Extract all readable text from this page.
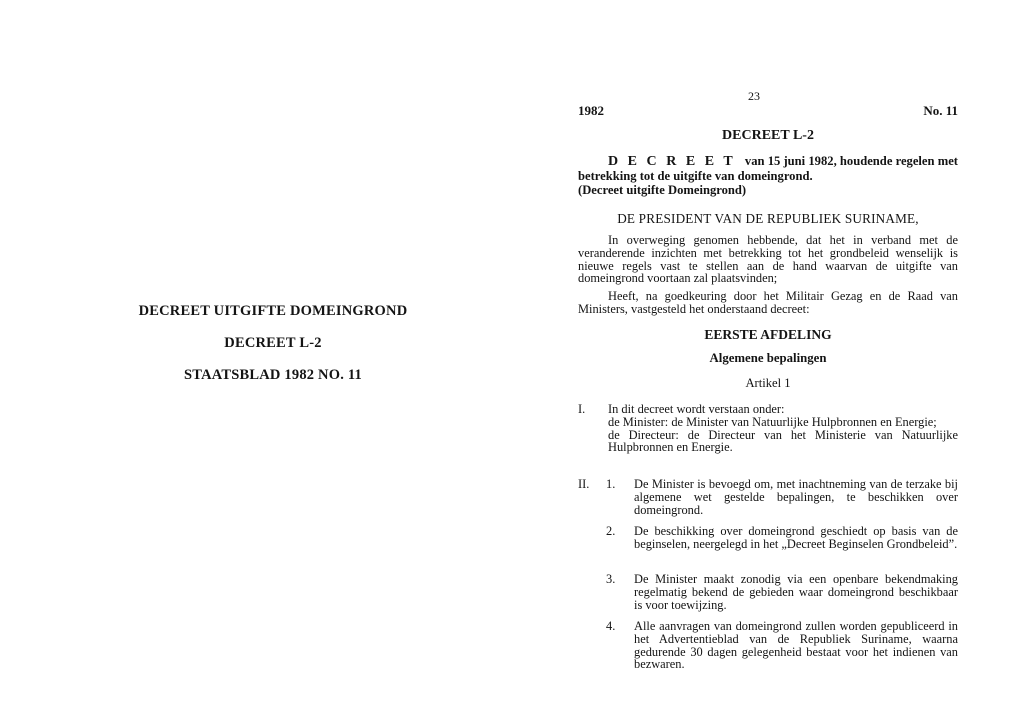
DECREET UITGIFTE DOMEINGROND
DECREET L-2
STAATSBLAD 1982 NO. 11
1982
23
No. 11
DECREET L-2
D E C R E E T van 15 juni 1982, houdende regelen met betrekking tot de uitgifte van domeingrond.
(Decreet uitgifte Domeingrond)
DE PRESIDENT VAN DE REPUBLIEK SURINAME,
In overweging genomen hebbende, dat het in verband met de veranderende inzichten met betrekking tot het grondbeleid wenselijk is nieuwe regels vast te stellen aan de hand waarvan de uitgifte van domeingrond voortaan zal plaatsvinden;
Heeft, na goedkeuring door het Militair Gezag en de Raad van Ministers, vastgesteld het onderstaand decreet:
EERSTE AFDELING
Algemene bepalingen
Artikel 1
I.	In dit decreet wordt verstaan onder:
de Minister: de Minister van Natuurlijke Hulpbronnen en Energie;
de Directeur: de Directeur van het Ministerie van Natuurlijke Hulpbronnen en Energie.
II.	1.	De Minister is bevoegd om, met inachtneming van de terzake bij algemene wet gestelde bepalingen, te beschikken over domeingrond.
2.	De beschikking over domeingrond geschiedt op basis van de beginselen, neergelegd in het „Decreet Beginselen Grondbeleid”.
3.	De Minister maakt zonodig via een openbare bekendmaking regelmatig bekend de gebieden waar domeingrond beschikbaar is voor toewijzing.
4.	Alle aanvragen van domeingrond zullen worden gepubliceerd in het Advertentieblad van de Republiek Suriname, waarna gedurende 30 dagen gelegenheid bestaat voor het indienen van bezwaren.
